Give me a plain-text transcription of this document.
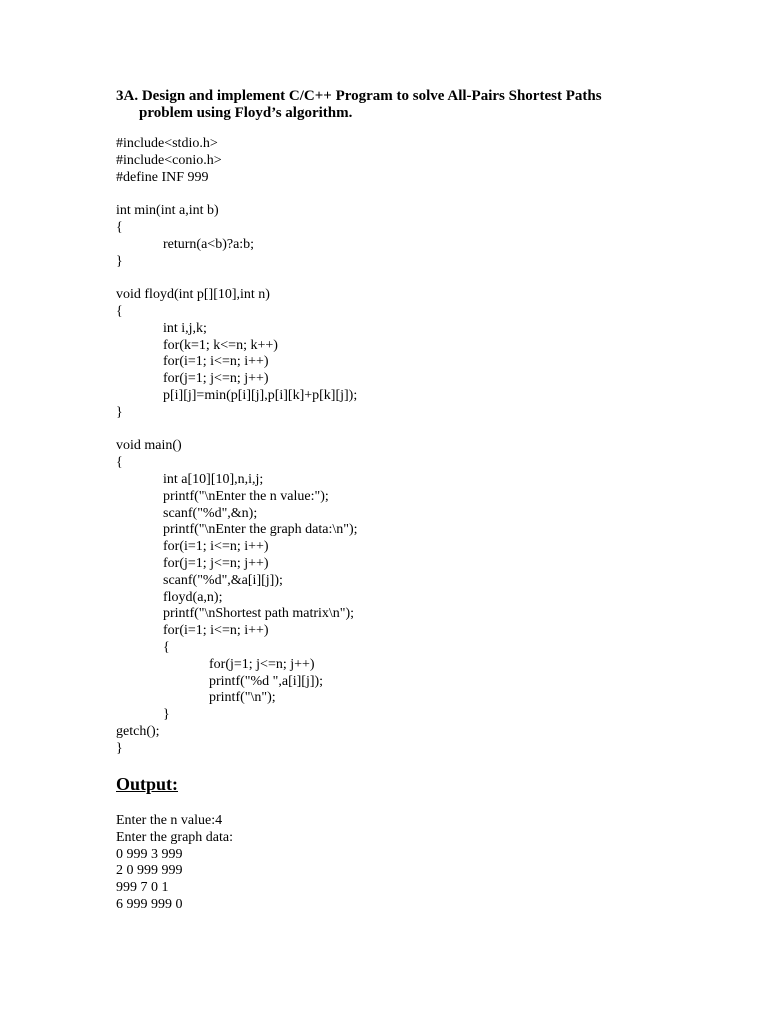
3A. Design and implement C/C++ Program to solve All-Pairs Shortest Paths
problem using Floyd’s algorithm.
#include<stdio.h>
#include<conio.h>
#define INF 999
int min(int a,int b)
{
return(a<b)?a:b;
}
void floyd(int p[][10],int n)
{
int i,j,k;
for(k=1; k<=n; k++)
for(i=1; i<=n; i++)
for(j=1; j<=n; j++)
p[i][j]=min(p[i][j],p[i][k]+p[k][j]);
}
void main()
{
int a[10][10],n,i,j;
printf("\nEnter the n value:");
scanf("%d",&n);
printf("\nEnter the graph data:\n");
for(i=1; i<=n; i++)
for(j=1; j<=n; j++)
scanf("%d",&a[i][j]);
floyd(a,n);
printf("\nShortest path matrix\n");
for(i=1; i<=n; i++)
{
for(j=1; j<=n; j++)
printf("%d ",a[i][j]);
printf("\n");
}
getch();
}
Output:
Enter the n value:4
Enter the graph data:
0 999 3 999
2 0 999 999
999 7 0 1
6 999 999 0
